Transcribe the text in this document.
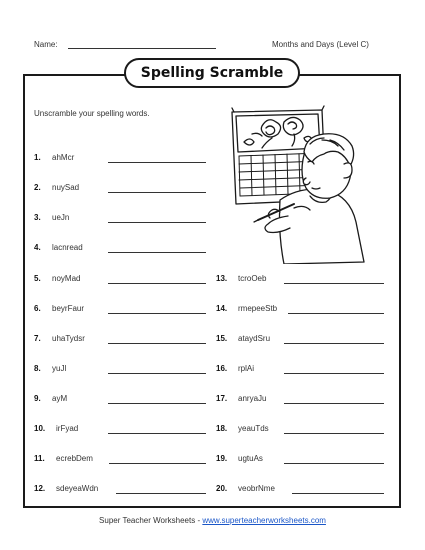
Name:	Months and Days (Level C)
Spelling Scramble
Unscramble your spelling words.
1. ahMcr
2. nuySad
3. ueJn
4. lacnread
5. noyMad
6. beyrFaur
7. uhaTydsr
8. yuJl
9. ayM
10. irFyad
11. ecrebDem
12. sdeyeaWdn
13. tcroOeb
14. rmepeeStb
15. ataydSru
16. rplAi
17. anryaJu
18. yeauTds
19. ugtuAs
20. veobrNme
Super Teacher Worksheets - www.superteacherworksheets.com
